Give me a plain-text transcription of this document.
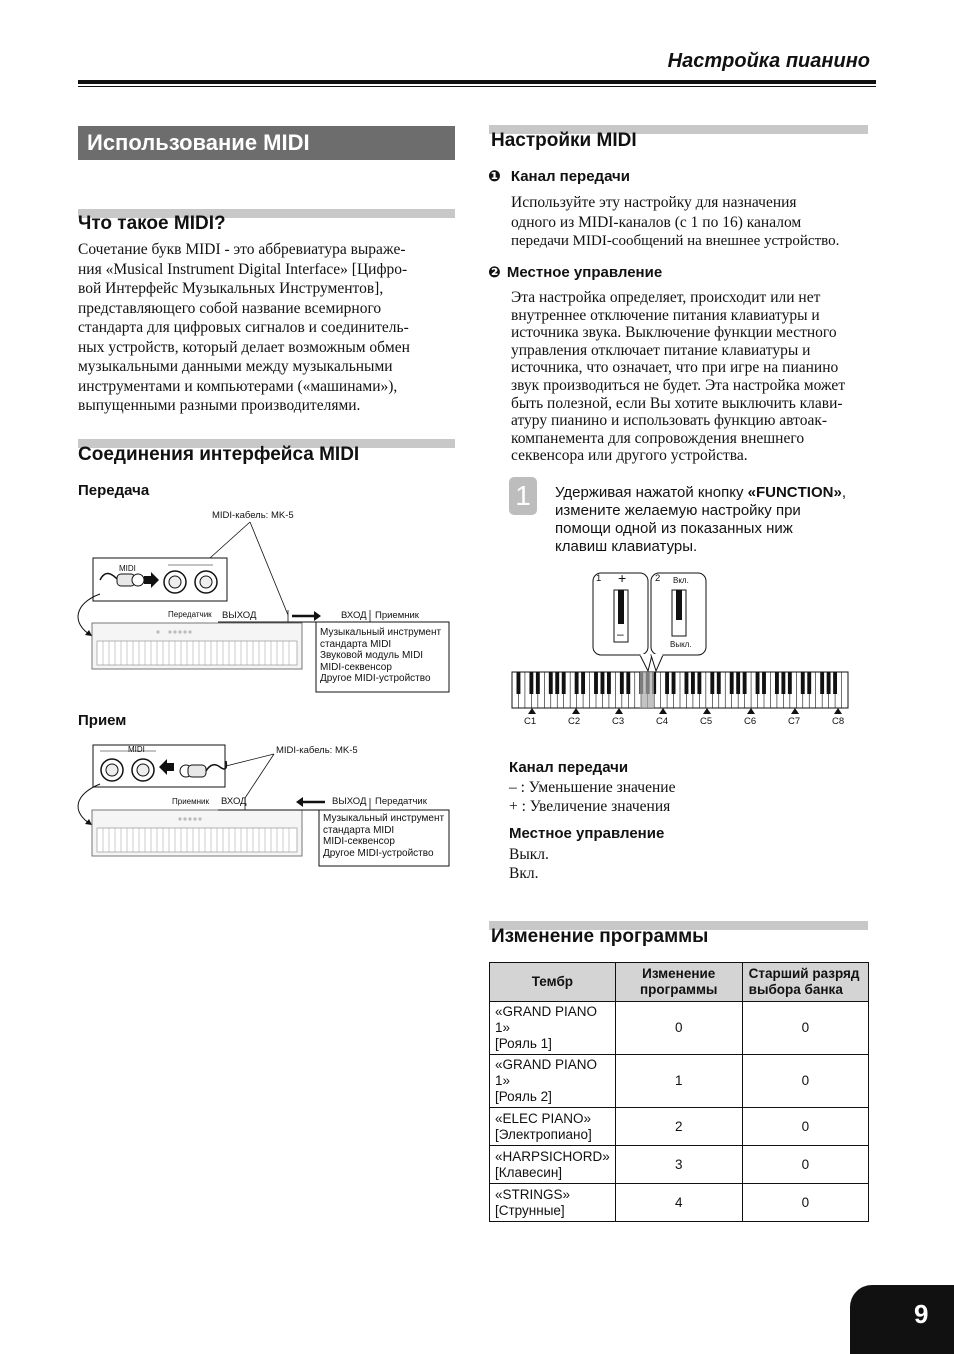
Настройка пианино
Использование MIDI
Что такое MIDI?
Сочетание букв MIDI - это аббревиатура выраже-
ния «Musical Instrument Digital Interface» [Цифро-
вой Интерфейс Музыкальных Инструментов],
представляющего собой название всемирного
стандарта для цифровых сигналов и соединитель-
ных устройств, который делает возможным обмен
музыкальными данными между музыкальными
инструментами и компьютерами («машинами»),
выпущенными разными производителями.
Соединения интерфейса MIDI
Передача
MIDI-кабель: MK-5
MIDI
Передатчик ВЫХОД	ВХОД Приемник
Музыкальный инструмент
стандарта MIDI
Звуковой модуль MIDI
MIDI-секвенсор
Другое MIDI-устройство
Прием
MIDI-кабель: MK-5
MIDI
Приемник ВХОД	ВЫХОД Передатчик
Музыкальный инструмент
стандарта MIDI
MIDI-секвенсор
Другое MIDI-устройство
Настройки MIDI
❶ Канал передачи
Используйте эту настройку для назначения
одного из MIDI-каналов (с 1 по 16) каналом
передачи MIDI-сообщений на внешнее устройство.
❷ Местное управление
Эта настройка определяет, происходит или нет
внутреннее отключение питания клавиатуры и
источника звука. Выключение функции местного
управления отключает питание клавиатуры и
источника, что означает, что при игре на пианино
звук производиться не будет. Эта настройка может
быть полезной, если Вы хотите выключить клави-
атуру пианино и использовать функцию автоак-
компанемента для сопровождения внешнего
секвенсора или другого устройства.
1	Удерживая нажатой кнопку «FUNCTION»,
измените желаемую настройку при
помощи одной из показанных ниж
клавиш клавиатуры.
1 +
–
2 Вкл.
Выкл.
C1	C2	C3	C4	C5	C6	C7	C8
Канал передачи
– : Уменьшение значение
+ : Увеличение значения
Местное управление
Выкл.
Вкл.
Изменение программы
Тембр	Изменение программы	Старший разряд выбора банка

«GRAND PIANO 1»
[Рояль 1]	0	0

«GRAND PIANO 1»
[Рояль 2]	1	0

«ELEC PIANO»
[Электропиано]	2	0

«HARPSICHORD»
[Клавесин]	3	0

«STRINGS»
[Струнные]	4	0
9
